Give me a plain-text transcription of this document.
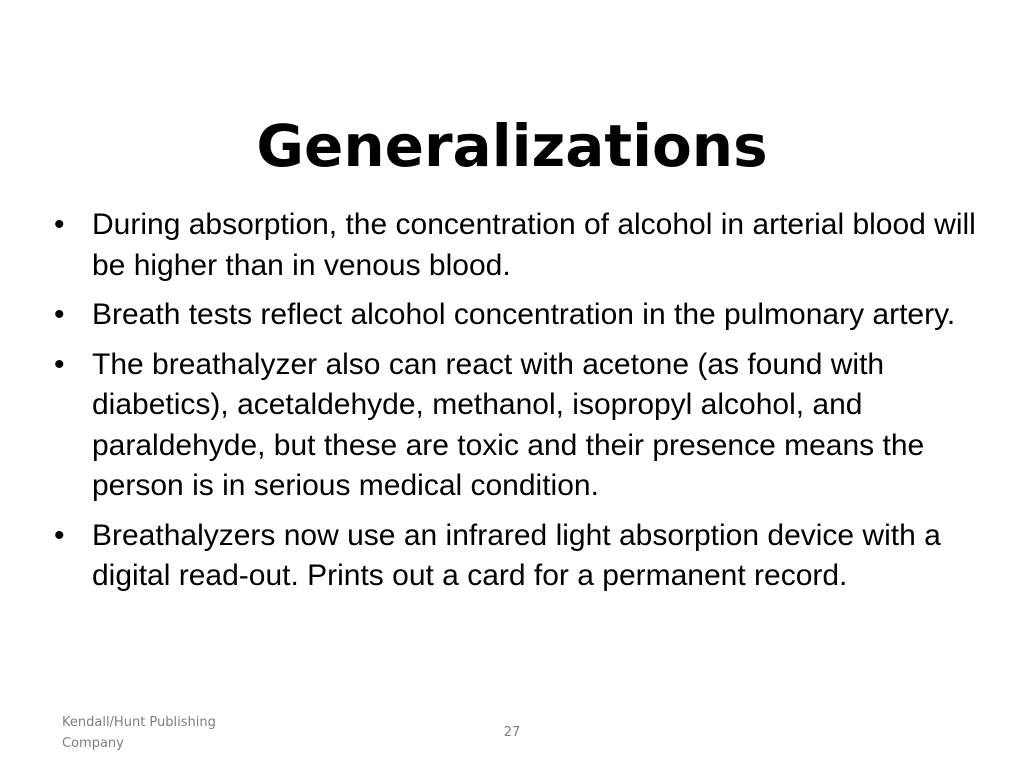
Generalizations
• During absorption, the concentration of alcohol in arterial blood will be higher than in venous blood.
• Breath tests reflect alcohol concentration in the pulmonary artery.
• The breathalyzer also can react with acetone (as found with diabetics), acetaldehyde, methanol, isopropyl alcohol, and paraldehyde, but these are toxic and their presence means the person is in serious medical condition.
• Breathalyzers now use an infrared light absorption device with a digital read-out. Prints out a card for a permanent record.
Kendall/Hunt Publishing Company
27
